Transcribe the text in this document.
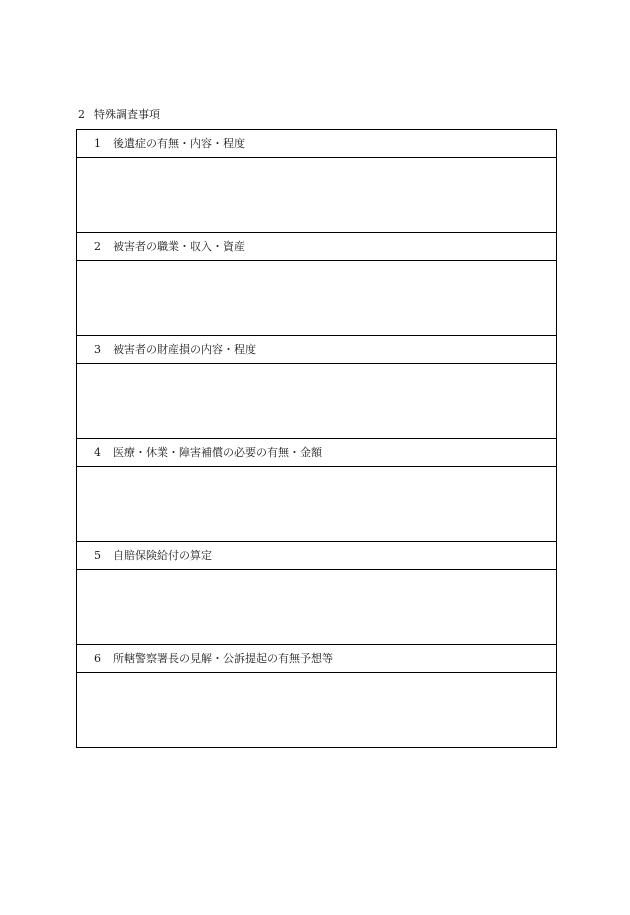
2 特殊調査事項
1 後遺症の有無・内容・程度
2 被害者の職業・収入・資産
3 被害者の財産損の内容・程度
4 医療・休業・障害補償の必要の有無・金額
5 自賠保険給付の算定
6 所轄警察署長の見解・公訴提起の有無予想等
